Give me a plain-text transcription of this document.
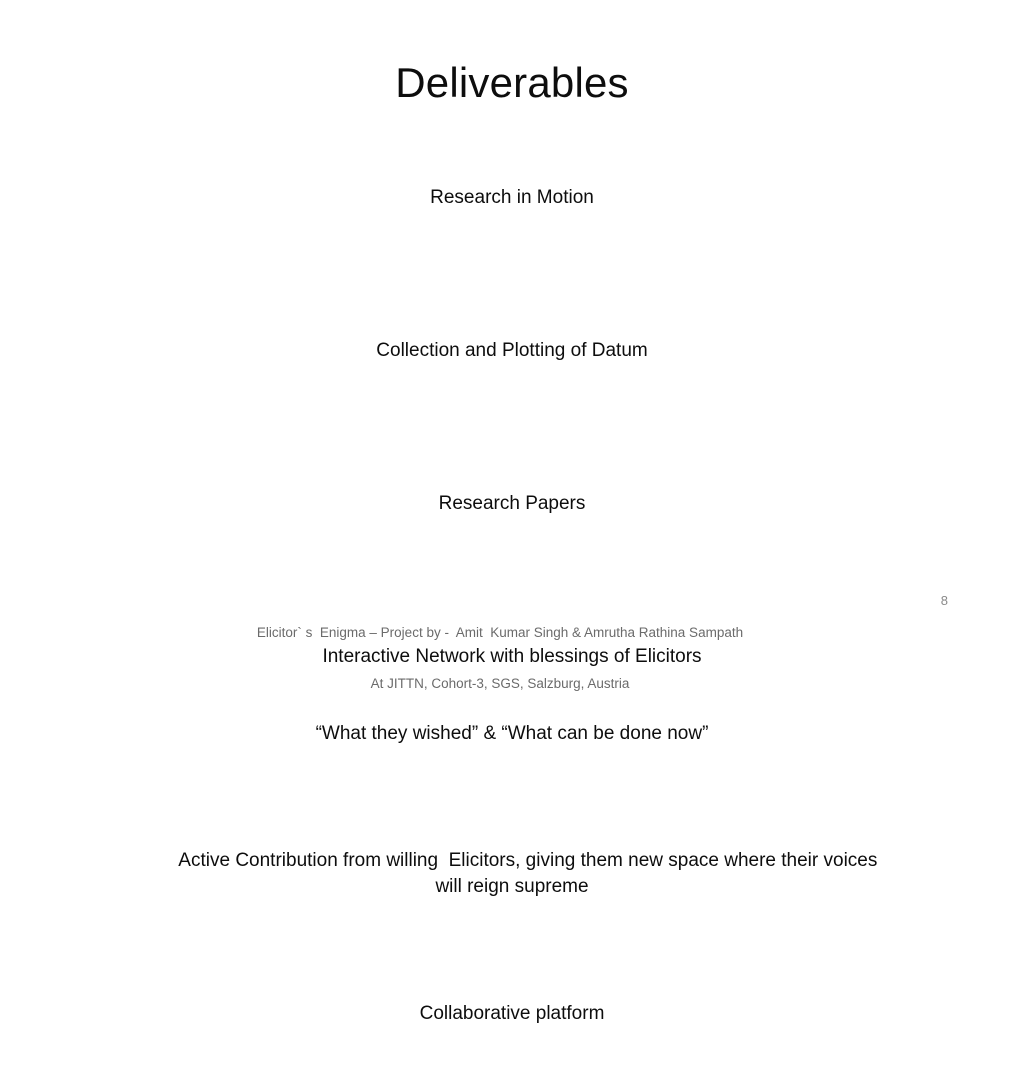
Deliverables

Research in Motion

Collection and Plotting of Datum

Research Papers

Interactive Network with blessings of Elicitors

“What they wished” & “What can be done now”

Active Contribution from willing  Elicitors, giving them new space where their voices will reign supreme

Collaborative platform

Elicitor` s  Enigma – Project by -  Amit  Kumar Singh & Amrutha Rathina Sampath

At JITTN, Cohort-3, SGS, Salzburg, Austria

8
